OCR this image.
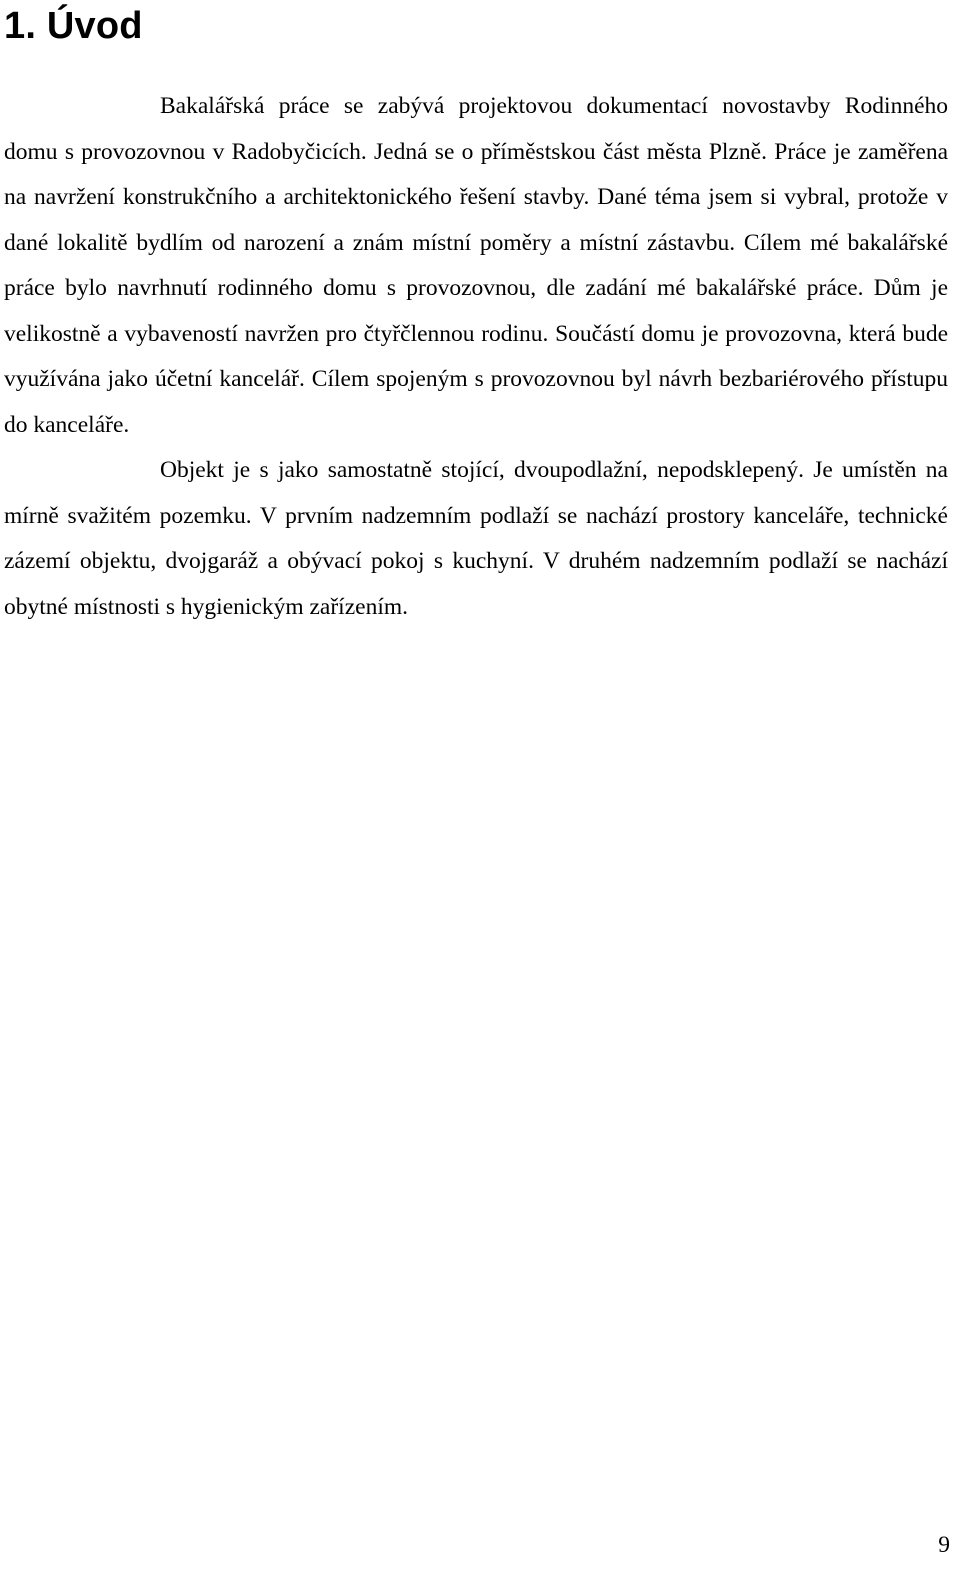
1. Úvod

Bakalářská práce se zabývá projektovou dokumentací novostavby Rodinného domu s provozovnou v Radobyčicích. Jedná se o příměstskou část města Plzně. Práce je zaměřena na navržení konstrukčního a architektonického řešení stavby. Dané téma jsem si vybral, protože v dané lokalitě bydlím od narození a znám místní poměry a místní zástavbu. Cílem mé bakalářské práce bylo navrhnutí rodinného domu s provozovnou, dle zadání mé bakalářské práce. Dům je velikostně a vybaveností navržen pro čtyřčlennou rodinu. Součástí domu je provozovna, která bude využívána jako účetní kancelář. Cílem spojeným s provozovnou byl návrh bezbariérového přístupu do kanceláře.

Objekt je s jako samostatně stojící, dvoupodlažní, nepodsklepený. Je umístěn na mírně svažitém pozemku. V prvním nadzemním podlaží se nachází prostory kanceláře, technické zázemí objektu, dvojgaráž a obývací pokoj s kuchyní. V druhém nadzemním podlaží se nachází obytné místnosti s hygienickým zařízením.

9
